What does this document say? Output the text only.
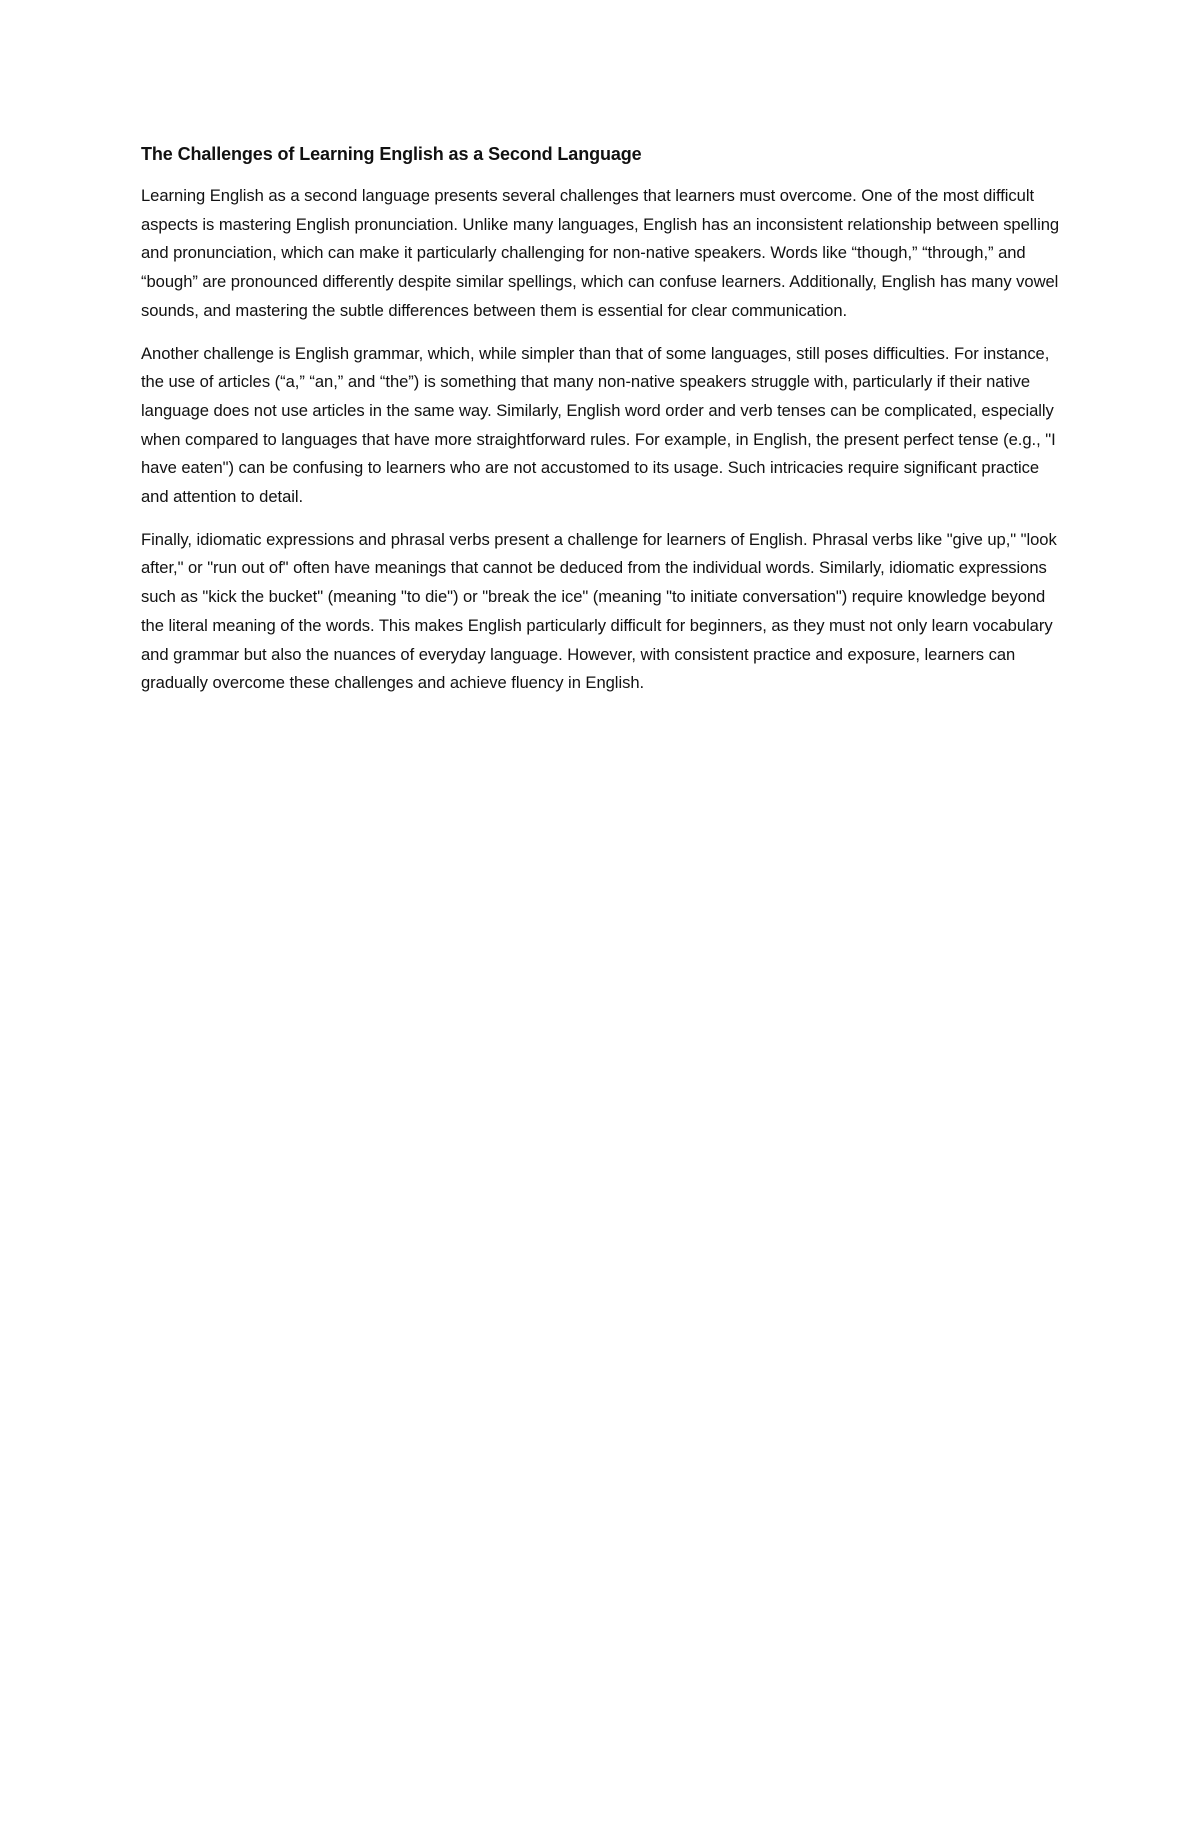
The Challenges of Learning English as a Second Language

Learning English as a second language presents several challenges that learners must overcome. One of the most difficult aspects is mastering English pronunciation. Unlike many languages, English has an inconsistent relationship between spelling and pronunciation, which can make it particularly challenging for non-native speakers. Words like “though,” “through,” and “bough” are pronounced differently despite similar spellings, which can confuse learners. Additionally, English has many vowel sounds, and mastering the subtle differences between them is essential for clear communication.

Another challenge is English grammar, which, while simpler than that of some languages, still poses difficulties. For instance, the use of articles (“a,” “an,” and “the”) is something that many non-native speakers struggle with, particularly if their native language does not use articles in the same way. Similarly, English word order and verb tenses can be complicated, especially when compared to languages that have more straightforward rules. For example, in English, the present perfect tense (e.g., "I have eaten") can be confusing to learners who are not accustomed to its usage. Such intricacies require significant practice and attention to detail.

Finally, idiomatic expressions and phrasal verbs present a challenge for learners of English. Phrasal verbs like "give up," "look after," or "run out of" often have meanings that cannot be deduced from the individual words. Similarly, idiomatic expressions such as "kick the bucket" (meaning "to die") or "break the ice" (meaning "to initiate conversation") require knowledge beyond the literal meaning of the words. This makes English particularly difficult for beginners, as they must not only learn vocabulary and grammar but also the nuances of everyday language. However, with consistent practice and exposure, learners can gradually overcome these challenges and achieve fluency in English.
